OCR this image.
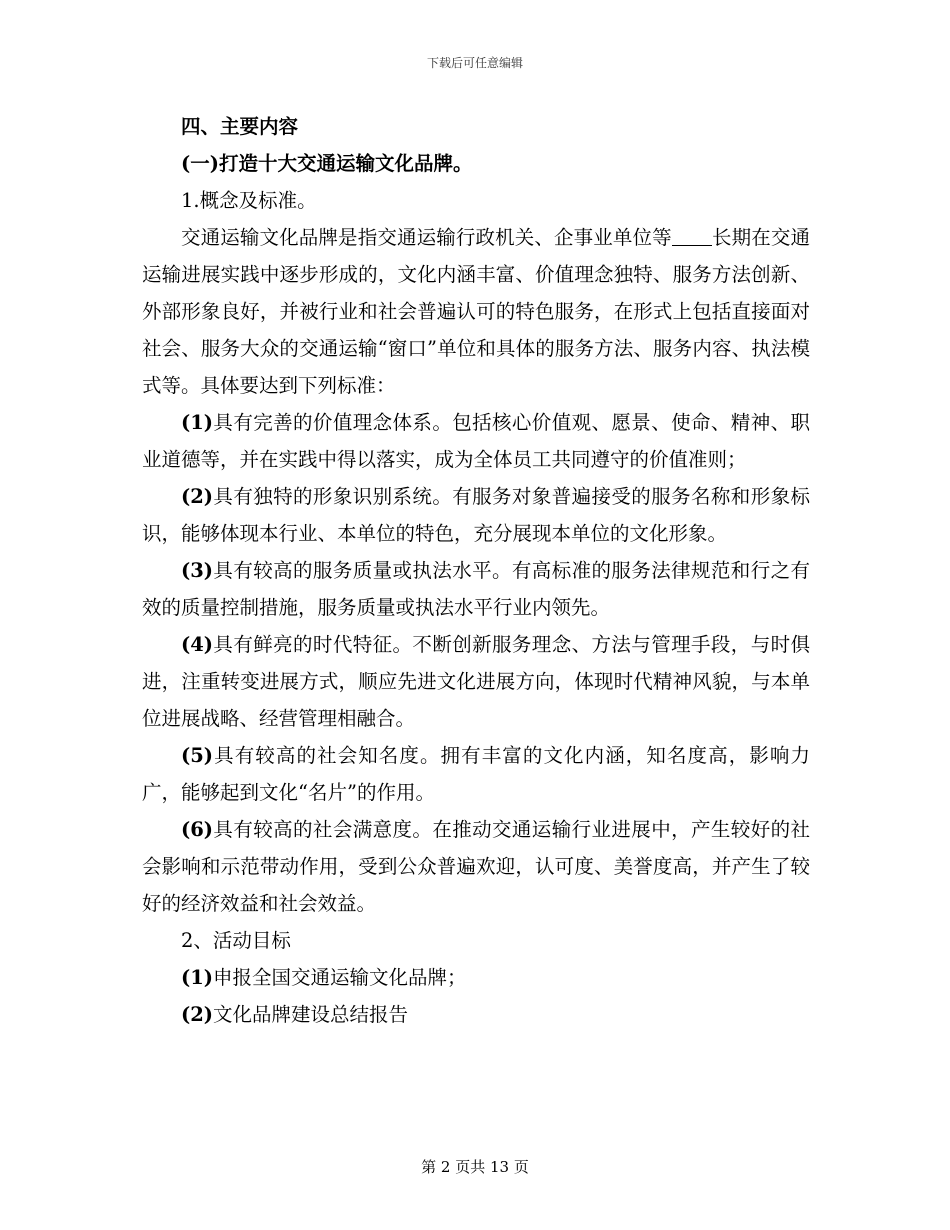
下载后可任意编辑

四、主要内容

(一)打造十大交通运输文化品牌。

1.概念及标准。

交通运输文化品牌是指交通运输行政机关、企事业单位等 长期在交通运输进展实践中逐步形成的，文化内涵丰富、价值理念独特、服务方法创新、外部形象良好，并被行业和社会普遍认可的特色服务，在形式上包括直接面对社会、服务大众的交通运输“窗口”单位和具体的服务方法、服务内容、执法模式等。具体要达到下列标准：

(1)具有完善的价值理念体系。包括核心价值观、愿景、使命、精神、职业道德等，并在实践中得以落实，成为全体员工共同遵守的价值准则；

(2)具有独特的形象识别系统。有服务对象普遍接受的服务名称和形象标识，能够体现本行业、本单位的特色，充分展现本单位的文化形象。

(3)具有较高的服务质量或执法水平。有高标准的服务法律规范和行之有效的质量控制措施，服务质量或执法水平行业内领先。

(4)具有鲜亮的时代特征。不断创新服务理念、方法与管理手段，与时俱进，注重转变进展方式，顺应先进文化进展方向，体现时代精神风貌，与本单位进展战略、经营管理相融合。

(5)具有较高的社会知名度。拥有丰富的文化内涵，知名度高，影响力广，能够起到文化“名片”的作用。

(6)具有较高的社会满意度。在推动交通运输行业进展中，产生较好的社会影响和示范带动作用，受到公众普遍欢迎，认可度、美誉度高，并产生了较好的经济效益和社会效益。

2、活动目标

(1)申报全国交通运输文化品牌；

(2)文化品牌建设总结报告

第 2 页共 13 页
